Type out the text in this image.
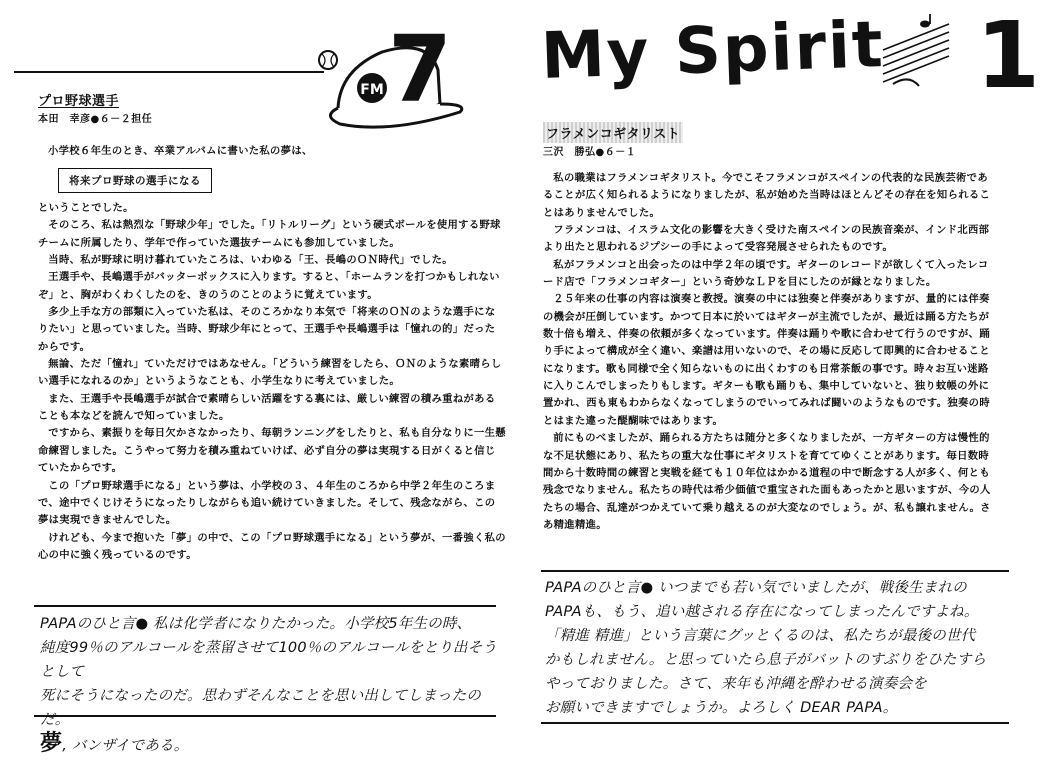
FM 7
プロ野球選手
本田　幸彦●６－２担任

小学校６年生のとき、卒業アルバムに書いた私の夢は、

将来プロ野球の選手になる

ということでした。

そのころ、私は熱烈な「野球少年」でした。「リトルリーグ」という硬式ボールを使用する野球チームに所属したり、学年で作っていた選抜チームにも参加していました。

当時、私が野球に明け暮れていたころは、いわゆる「王、長嶋のＯＮ時代」でした。

王選手や、長嶋選手がバッターボックスに入ります。すると、「ホームランを打つかもしれないぞ」と、胸がわくわくしたのを、きのうのことのように覚えています。

多少上手な方の部類に入っていた私は、そのころかなり本気で「将来のＯＮのような選手になりたい」と思っていました。当時、野球少年にとって、王選手や長嶋選手は「憧れの的」だったからです。

無論、ただ「憧れ」ていただけではあなせん。「どういう練習をしたら、ＯＮのような素晴らしい選手になれるのか」というようなことも、小学生なりに考えていました。

また、王選手や長嶋選手が試合で素晴らしい活躍をする裏には、厳しい練習の積み重ねがあることも本などを読んで知っていました。

ですから、素振りを毎日欠かさなかったり、毎朝ランニングをしたりと、私も自分なりに一生懸命練習しました。こうやって努力を積み重ねていけば、必ず自分の夢は実現する日がくると信じていたからです。

この「プロ野球選手になる」という夢は、小学校の３、４年生のころから中学２年生のころまで、途中でくじけそうになったりしながらも追い続けていきました。そして、残念ながら、この夢は実現できませんでした。

けれども、今まで抱いた「夢」の中で、この「プロ野球選手になる」という夢が、一番強く私の心の中に強く残っているのです。

PAPAのひと言● 私は化学者になりたかった。小学校5年生の時、
純度99％のアルコールを蒸留させて100％のアルコールをとり出そうとして
死にそうになったのだ。思わずそんなことを思い出してしまったのだ。
夢, バンザイである。
My Spirit 1
フラメンコギタリスト
三沢　勝弘●６－１

私の職業はフラメンコギタリスト。今でこそフラメンコがスペインの代表的な民族芸術であることが広く知られるようになりましたが、私が始めた当時はほとんどその存在を知られることはありませんでした。

フラメンコは、イスラム文化の影響を大きく受けた南スペインの民族音楽が、インド北西部より出たと思われるジプシーの手によって受容発展させられたものです。

私がフラメンコと出会ったのは中学２年の頃です。ギターのレコードが欲しくて入ったレコード店で「フラメンコギター」という奇妙なＬＰを目にしたのが縁となりました。

２５年来の仕事の内容は演奏と教授。演奏の中には独奏と伴奏がありますが、量的には伴奏の機会が圧倒しています。かつて日本に於いてはギターが主流でしたが、最近は踊る方たちが数十倍も増え、伴奏の依頼が多くなっています。伴奏は踊りや歌に合わせて行うのですが、踊り手によって構成が全く違い、楽譜は用いないので、その場に反応して即興的に合わせることになります。歌も同様で全く知らないものに出くわすのも日常茶飯の事です。時々お互い迷路に入りこんでしまったりもします。ギターも歌も踊りも、集中していないと、独り蚊帳の外に置かれ、西も東もわからなくなってしまうのでいってみれば闘いのようなものです。独奏の時とはまた違った醍醐味ではあります。

前にものべましたが、踊られる方たちは随分と多くなりましたが、一方ギターの方は慢性的な不足状態にあり、私たちの重大な仕事にギタリストを育ててゆくことがあります。毎日数時間から十数時間の練習と実戦を経ても１０年位はかかる道程の中で断念する人が多く、何とも残念でなりません。私たちの時代は希少価値で重宝された面もあったかと思いますが、今の人たちの場合、乱達がつかえていて乗り越えるのが大変なのでしょう。が、私も譲れません。さあ精進精進。

PAPAのひと言● いつまでも若い気でいましたが、戦後生まれの
PAPAも、もう、追い越される存在になってしまったんですよね。
「精進 精進」という言葉にグッとくるのは、私たちが最後の世代
かもしれません。と思っていたら息子がバットのすぶりをひたすら
やっておりました。さて、来年も沖縄を酔わせる演奏会を
お願いできますでしょうか。よろしく DEAR PAPA。
